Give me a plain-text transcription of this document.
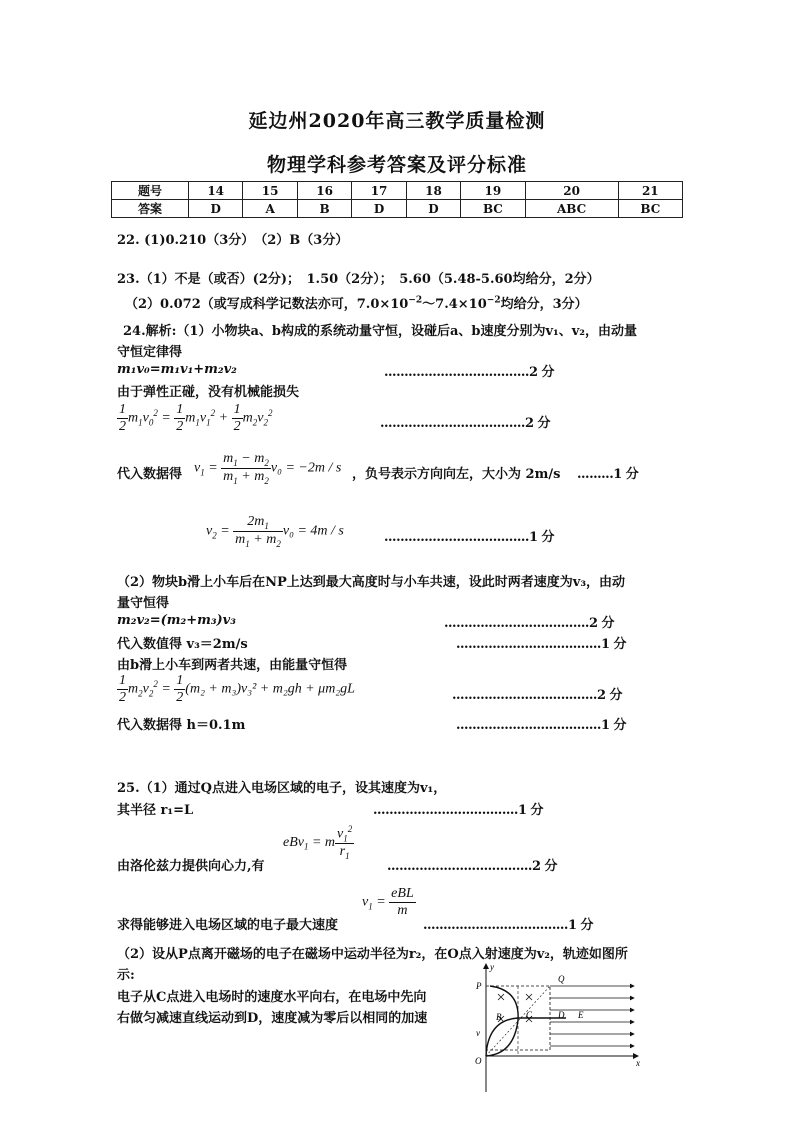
延边州2020年高三教学质量检测
物理学科参考答案及评分标准
题号	14	15	16	17	18	19	20	21
答案	D	A	B	D	D	BC	ABC	BC
22. (1)0.210（3分）　（2）B（3分）
23.（1）不是（或否）(2分)；　1.50（2分）；　5.60（5.48-5.60均给分，2分）
（2）0.072（或写成科学记数法亦可，$7.0\times 10^{-2}\sim 7.4\times 10^{-2}$均给分，3分）
24.解析:（1）小物块a、b构成的系统动量守恒，设碰后a、b速度分别为v₁、v₂，由动量
守恒定律得
m₁v₀=m₁v₁+m₂v₂	....................................2 分
由于弹性正碰，没有机械能损失
$\frac{1}{2} m_1v_0^2 = \frac{1}{2} m_1v_1^2 + \frac{1}{2} m_2v_2^2$
....................................2 分
代入数据得 $v_1 = \frac{m_1 - m_2}{m_1 + m_2} v_0 = -2m / s$ ，负号表示方向向左，大小为 2m/s .........1 分
$v_2 = \frac{2m_1}{m_1 + m_2} v_0 = 4m / s$	....................................1 分
（2）物块b滑上小车后在NP上达到最大高度时与小车共速，设此时两者速度为v₃，由动
量守恒得
m₂v₂=(m₂+m₃)v₃	....................................2 分
代入数值得 v₃＝2m/s	....................................1 分
由b滑上小车到两者共速，由能量守恒得
$\frac{1}{2} m_2v_2^2 = \frac{1}{2} (m_2 + m_3)v_3^2 + m_2gh + \mu m_2gL$	....................................2 分
代入数据得 h＝0.1m	....................................1 分
25.（1）通过Q点进入电场区域的电子，设其速度为v₁，
其半径 r₁=L	....................................1 分
eBv$_1$ = m $\frac{v_1^2}{r_1}$
由洛伦兹力提供向心力,有	....................................2 分
$v_1 = \frac{\text{eBL}}{m}$
求得能够进入电场区域的电子最大速度	....................................1 分
（2）设从P点离开磁场的电子在磁场中运动半径为r₂，在O点入射速度为v₂，轨迹如图所
示:
电子从C点进入电场时的速度水平向右，在电场中先向
右做匀减速直线运动到D，速度减为零后以相同的加速
y
P
Q
B	C	D E
v
O	x
